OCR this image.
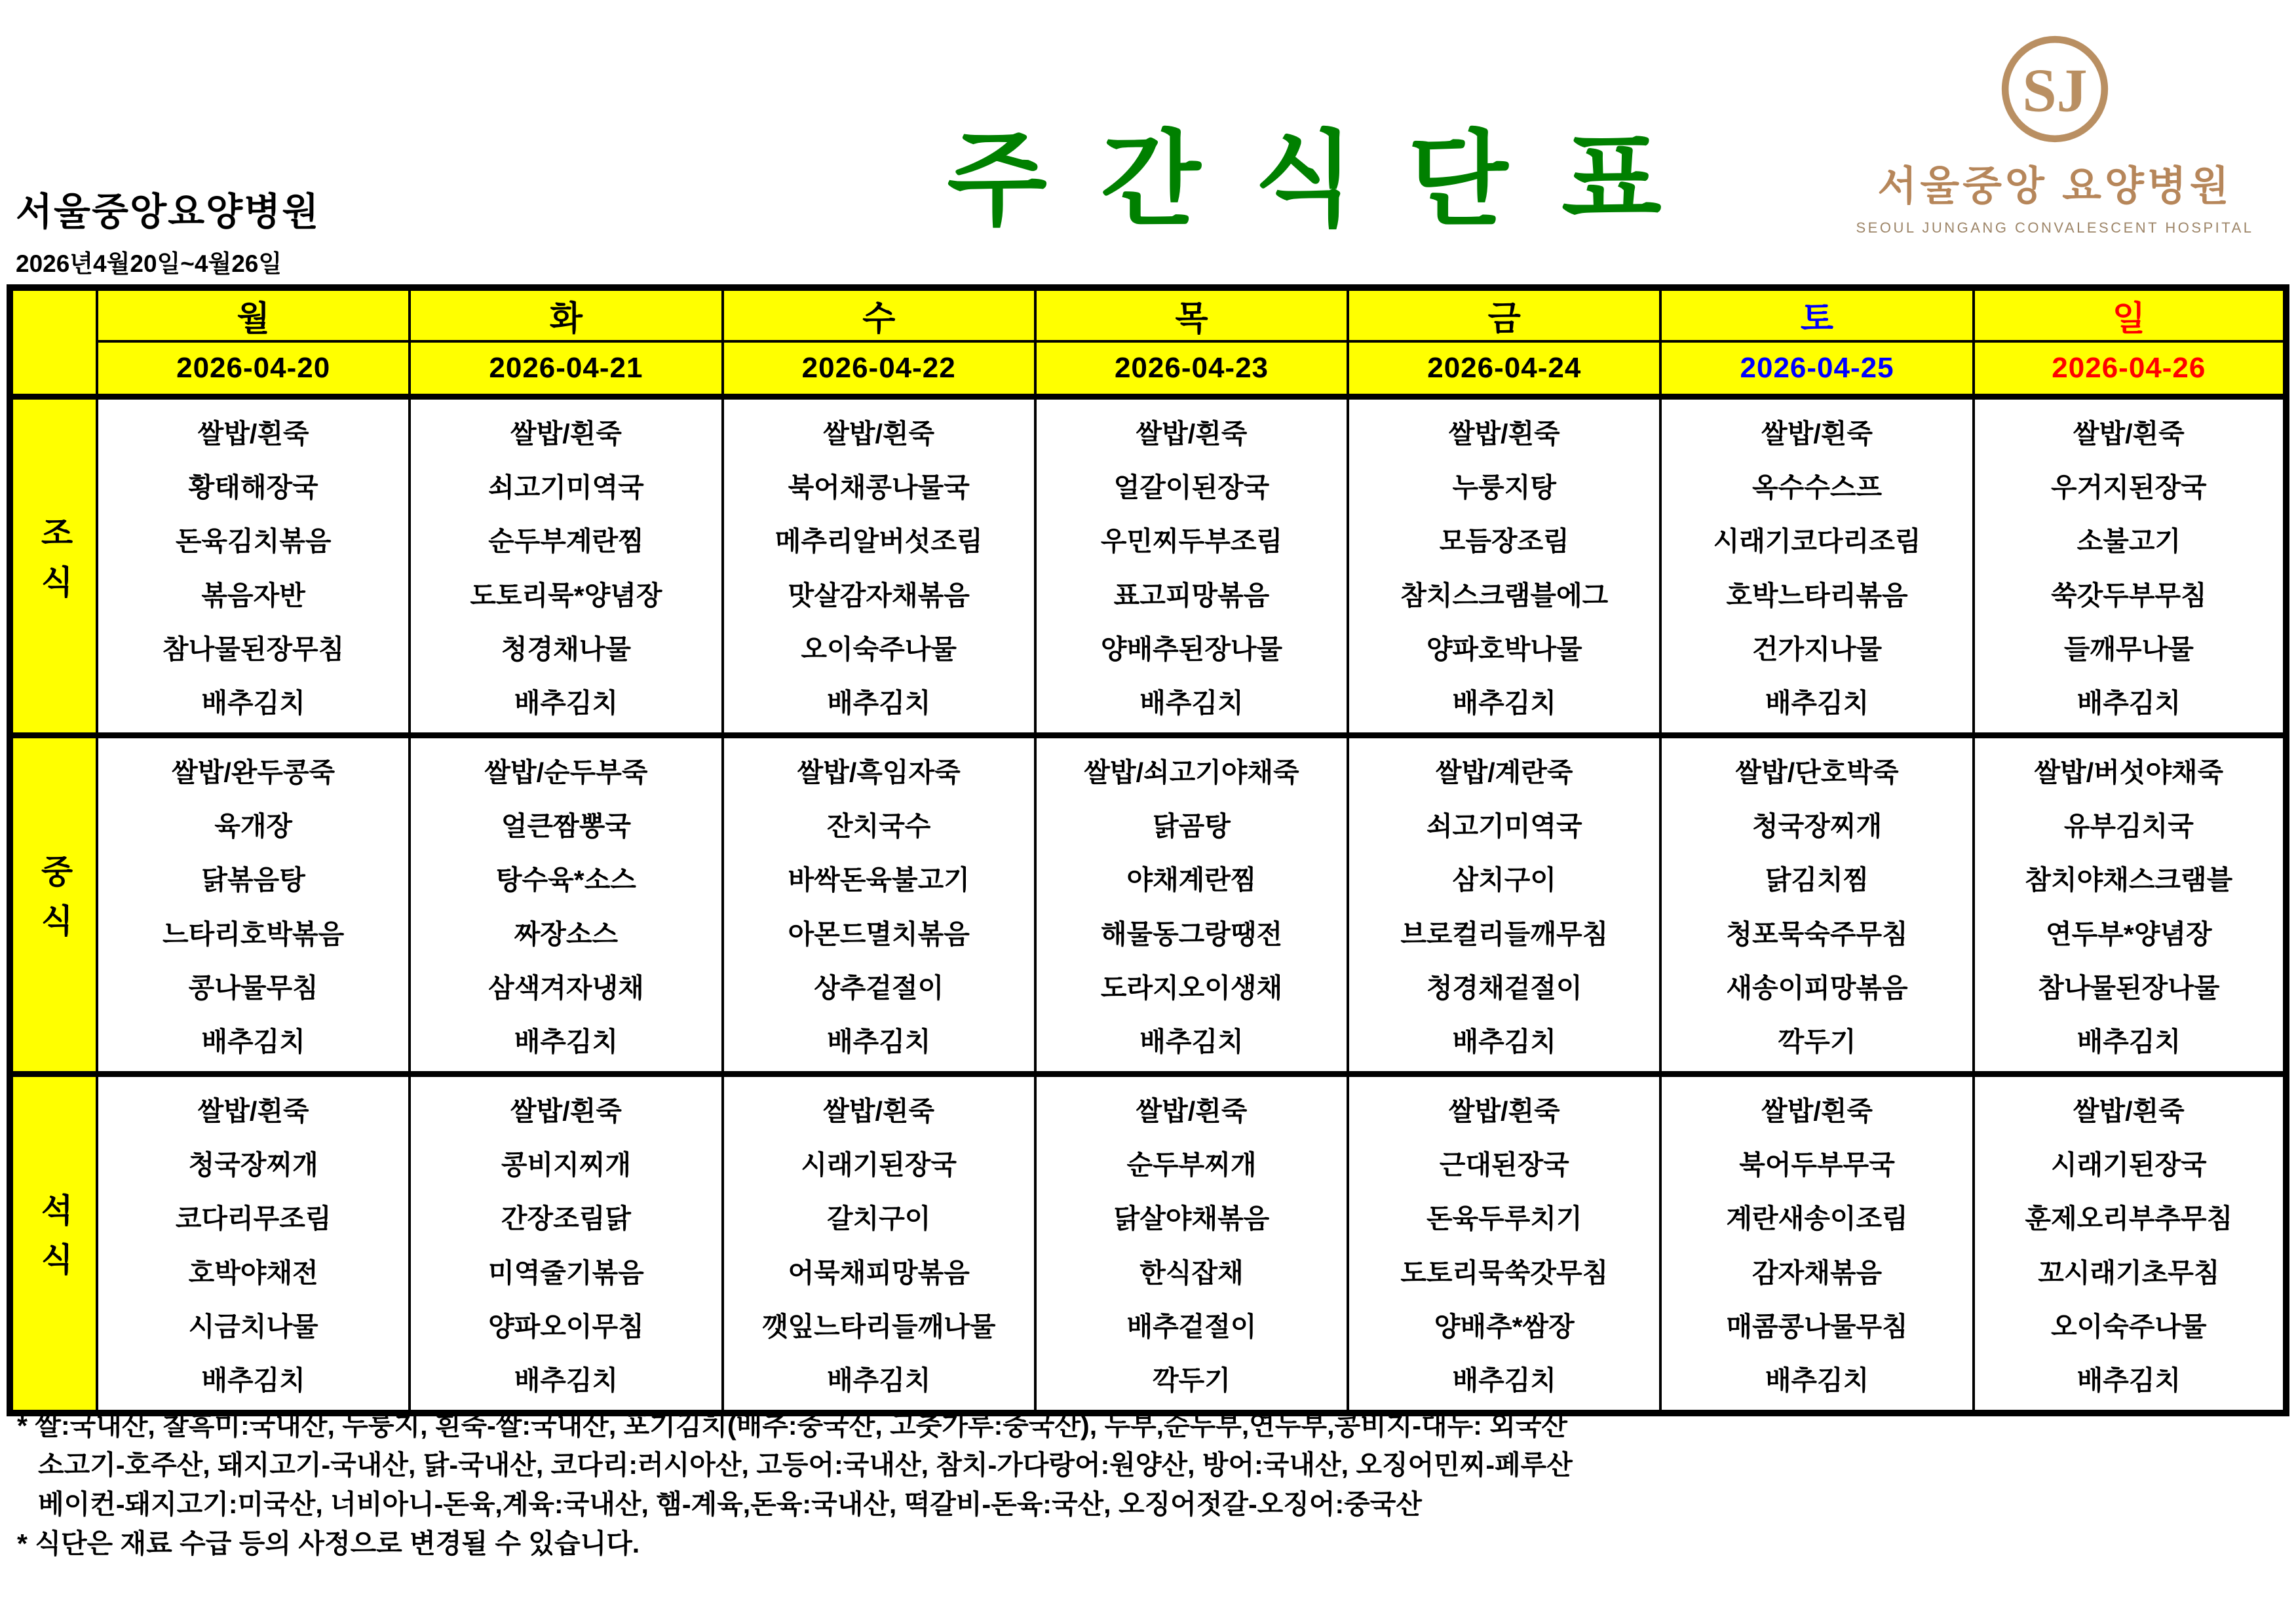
서울중앙요양병원
2026년4월20일~4월26일
주 간 식 단 표
SJ
서울중앙 요양병원
SEOUL JUNGANG CONVALESCENT HOSPITAL
	월	화	수	목	금	토	일
	2026-04-20	2026-04-21	2026-04-22	2026-04-23	2026-04-24	2026-04-25	2026-04-26
조식	
쌀밥/흰죽
황태해장국
돈육김치볶음
볶음자반
참나물된장무침
배추김치

쌀밥/흰죽
쇠고기미역국
순두부계란찜
도토리묵*양념장
청경채나물
배추김치

쌀밥/흰죽
북어채콩나물국
메추리알버섯조림
맛살감자채볶음
오이숙주나물
배추김치

쌀밥/흰죽
얼갈이된장국
우민찌두부조림
표고피망볶음
양배추된장나물
배추김치

쌀밥/흰죽
누룽지탕
모듬장조림
참치스크램블에그
양파호박나물
배추김치

쌀밥/흰죽
옥수수스프
시래기코다리조림
호박느타리볶음
건가지나물
배추김치

쌀밥/흰죽
우거지된장국
소불고기
쑥갓두부무침
들깨무나물
배추김치

중식	
쌀밥/완두콩죽
육개장
닭볶음탕
느타리호박볶음
콩나물무침
배추김치

쌀밥/순두부죽
얼큰짬뽕국
탕수육*소스
짜장소스
삼색겨자냉채
배추김치

쌀밥/흑임자죽
잔치국수
바싹돈육불고기
아몬드멸치볶음
상추겉절이
배추김치

쌀밥/쇠고기야채죽
닭곰탕
야채계란찜
해물동그랑땡전
도라지오이생채
배추김치

쌀밥/계란죽
쇠고기미역국
삼치구이
브로컬리들깨무침
청경채겉절이
배추김치

쌀밥/단호박죽
청국장찌개
닭김치찜
청포묵숙주무침
새송이피망볶음
깍두기

쌀밥/버섯야채죽
유부김치국
참치야채스크램블
연두부*양념장
참나물된장나물
배추김치

석식	
쌀밥/흰죽
청국장찌개
코다리무조림
호박야채전
시금치나물
배추김치

쌀밥/흰죽
콩비지찌개
간장조림닭
미역줄기볶음
양파오이무침
배추김치

쌀밥/흰죽
시래기된장국
갈치구이
어묵채피망볶음
깻잎느타리들깨나물
배추김치

쌀밥/흰죽
순두부찌개
닭살야채볶음
한식잡채
배추겉절이
깍두기

쌀밥/흰죽
근대된장국
돈육두루치기
도토리묵쑥갓무침
양배추*쌈장
배추김치

쌀밥/흰죽
북어두부무국
계란새송이조림
감자채볶음
매콤콩나물무침
배추김치

쌀밥/흰죽
시래기된장국
훈제오리부추무침
꼬시래기초무침
오이숙주나물
배추김치
* 쌀:국내산, 찰흑미:국내산, 누룽지, 흰죽-쌀:국내산, 포기김치(배추:중국산, 고춧가루:중국산), 두부,순두부,연두부,콩비지-대두: 외국산
소고기-호주산, 돼지고기-국내산, 닭-국내산, 코다리:러시아산, 고등어:국내산, 참치-가다랑어:원양산, 방어:국내산, 오징어민찌-페루산
베이컨-돼지고기:미국산, 너비아니-돈육,계육:국내산, 햄-계육,돈육:국내산, 떡갈비-돈육:국산, 오징어젓갈-오징어:중국산
* 식단은 재료 수급 등의 사정으로 변경될 수 있습니다.
